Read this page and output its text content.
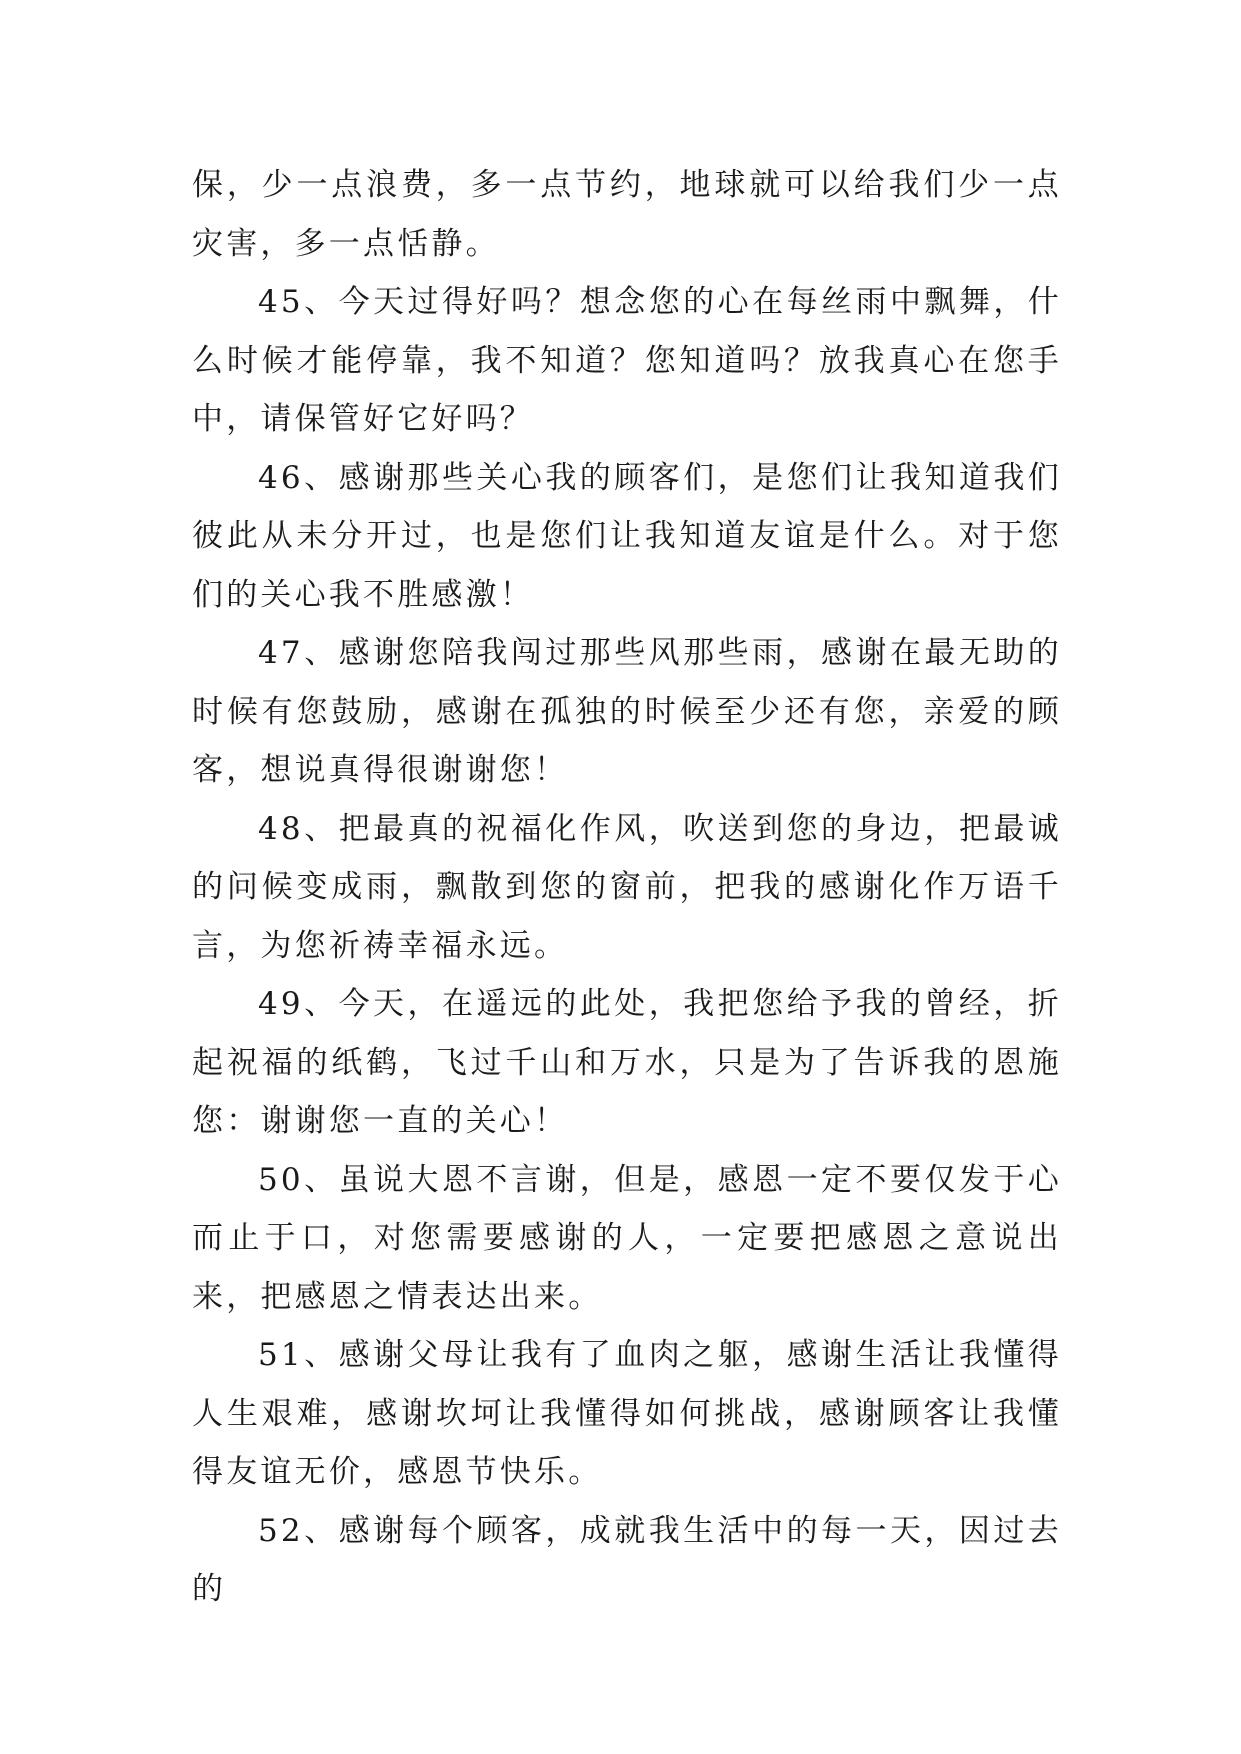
保，少一点浪费，多一点节约，地球就可以给我们少一点灾害，多一点恬静。

45、今天过得好吗？想念您的心在每丝雨中飘舞，什么时候才能停靠，我不知道？您知道吗？放我真心在您手中，请保管好它好吗？

46、感谢那些关心我的顾客们，是您们让我知道我们彼此从未分开过，也是您们让我知道友谊是什么。对于您们的关心我不胜感激！

47、感谢您陪我闯过那些风那些雨，感谢在最无助的时候有您鼓励，感谢在孤独的时候至少还有您，亲爱的顾客，想说真得很谢谢您！

48、把最真的祝福化作风，吹送到您的身边，把最诚的问候变成雨，飘散到您的窗前，把我的感谢化作万语千言，为您祈祷幸福永远。

49、今天，在遥远的此处，我把您给予我的曾经，折起祝福的纸鹤，飞过千山和万水，只是为了告诉我的恩施您：谢谢您一直的关心！

50、虽说大恩不言谢，但是，感恩一定不要仅发于心而止于口，对您需要感谢的人，一定要把感恩之意说出来，把感恩之情表达出来。

51、感谢父母让我有了血肉之躯，感谢生活让我懂得人生艰难，感谢坎坷让我懂得如何挑战，感谢顾客让我懂得友谊无价，感恩节快乐。

52、感谢每个顾客，成就我生活中的每一天，因过去的
